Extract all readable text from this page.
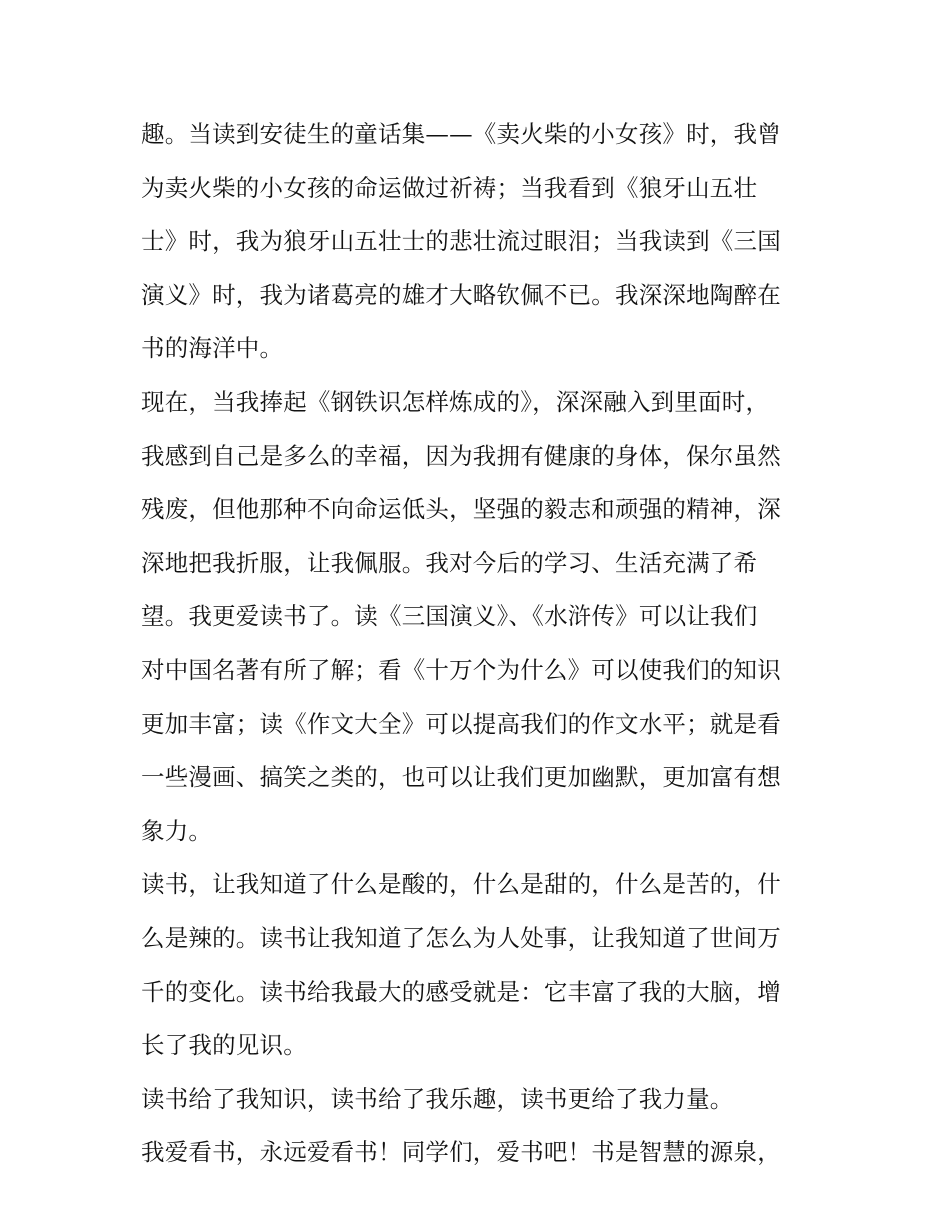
趣。当读到安徒生的童话集——《卖火柴的小女孩》时，我曾
为卖火柴的小女孩的命运做过祈祷；当我看到《狼牙山五壮
士》时，我为狼牙山五壮士的悲壮流过眼泪；当我读到《三国
演义》时，我为诸葛亮的雄才大略钦佩不已。我深深地陶醉在
书的海洋中。
现在，当我捧起《钢铁识怎样炼成的》，深深融入到里面时，
我感到自己是多么的幸福，因为我拥有健康的身体，保尔虽然
残废，但他那种不向命运低头，坚强的毅志和顽强的精神，深
深地把我折服，让我佩服。我对今后的学习、生活充满了希
望。我更爱读书了。读《三国演义》、《水浒传》可以让我们
对中国名著有所了解；看《十万个为什么》可以使我们的知识
更加丰富；读《作文大全》可以提高我们的作文水平；就是看
一些漫画、搞笑之类的，也可以让我们更加幽默，更加富有想
象力。
读书，让我知道了什么是酸的，什么是甜的，什么是苦的，什
么是辣的。读书让我知道了怎么为人处事，让我知道了世间万
千的变化。读书给我最大的感受就是：它丰富了我的大脑，增
长了我的见识。
读书给了我知识，读书给了我乐趣，读书更给了我力量。
我爱看书，永远爱看书！同学们，爱书吧！书是智慧的源泉，
